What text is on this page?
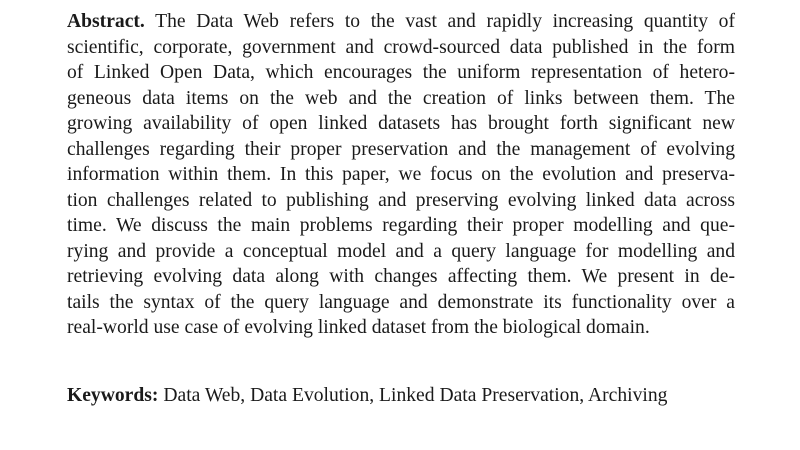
Abstract. The Data Web refers to the vast and rapidly increasing quantity of
scientific, corporate, government and crowd-sourced data published in the form
of Linked Open Data, which encourages the uniform representation of hetero-
geneous data items on the web and the creation of links between them. The
growing availability of open linked datasets has brought forth significant new
challenges regarding their proper preservation and the management of evolving
information within them. In this paper, we focus on the evolution and preserva-
tion challenges related to publishing and preserving evolving linked data across
time. We discuss the main problems regarding their proper modelling and que-
rying and provide a conceptual model and a query language for modelling and
retrieving evolving data along with changes affecting them. We present in de-
tails the syntax of the query language and demonstrate its functionality over a
real-world use case of evolving linked dataset from the biological domain.
Keywords: Data Web, Data Evolution, Linked Data Preservation, Archiving
